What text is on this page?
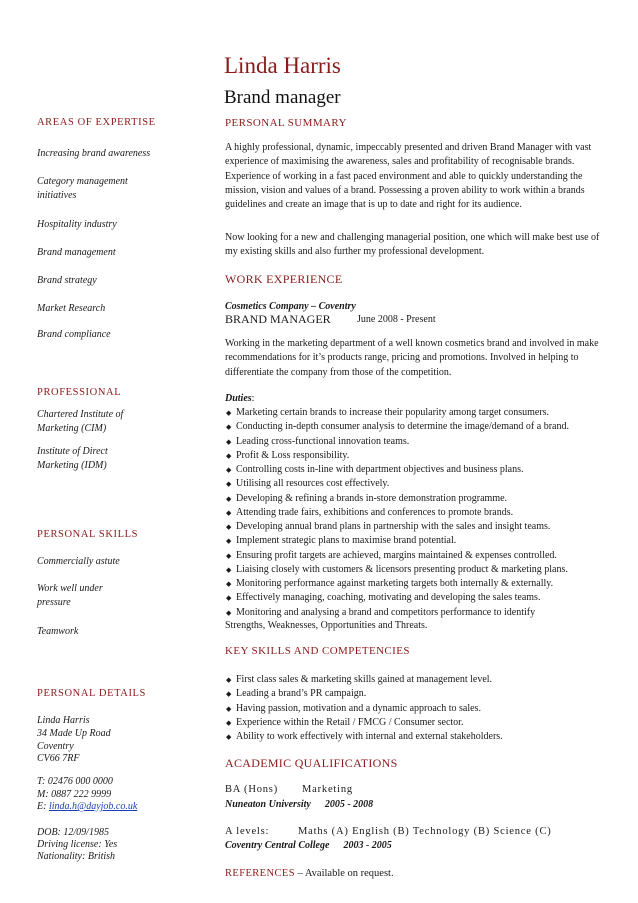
Linda Harris
Brand manager
AREAS OF EXPERTISE
Increasing brand awareness
Category management initiatives
Hospitality industry
Brand management
Brand strategy
Market Research
Brand compliance
PROFESSIONAL
Chartered Institute of Marketing (CIM)
Institute of Direct Marketing (IDM)
PERSONAL SKILLS
Commercially astute
Work well under pressure
Teamwork
PERSONAL DETAILS
Linda Harris
34 Made Up Road
Coventry
CV66 7RF
T: 02476 000 0000
M: 0887 222 9999
E: linda.h@dayjob.co.uk
DOB: 12/09/1985
Driving license: Yes
Nationality: British
PERSONAL SUMMARY
A highly professional, dynamic, impeccably presented and driven Brand Manager with vast experience of maximising the awareness, sales and profitability of recognisable brands. Experience of working in a fast paced environment and able to quickly understanding the mission, vision and values of a brand. Possessing a proven ability to work within a brands guidelines and create an image that is up to date and right for its audience.
Now looking for a new and challenging managerial position, one which will make best use of my existing skills and also further my professional development.
WORK EXPERIENCE
Cosmetics Company – Coventry
BRAND MANAGER	June 2008 - Present
Working in the marketing department of a well known cosmetics brand and involved in make recommendations for it’s products range, pricing and promotions. Involved in helping to differentiate the company from those of the competition.
Duties:
◆ Marketing certain brands to increase their popularity among target consumers.
◆ Conducting in-depth consumer analysis to determine the image/demand of a brand.
◆ Leading cross-functional innovation teams.
◆ Profit & Loss responsibility.
◆ Controlling costs in-line with department objectives and business plans.
◆ Utilising all resources cost effectively.
◆ Developing & refining a brands in-store demonstration programme.
◆ Attending trade fairs, exhibitions and conferences to promote brands.
◆ Developing annual brand plans in partnership with the sales and insight teams.
◆ Implement strategic plans to maximise brand potential.
◆ Ensuring profit targets are achieved, margins maintained & expenses controlled.
◆ Liaising closely with customers & licensors presenting product & marketing plans.
◆ Monitoring performance against marketing targets both internally & externally.
◆ Effectively managing, coaching, motivating and developing the sales teams.
◆ Monitoring and analysing a brand and competitors performance to identify
Strengths, Weaknesses, Opportunities and Threats.
KEY SKILLS AND COMPETENCIES
◆ First class sales & marketing skills gained at management level.
◆ Leading a brand’s PR campaign.
◆ Having passion, motivation and a dynamic approach to sales.
◆ Experience within the Retail / FMCG / Consumer sector.
◆ Ability to work effectively with internal and external stakeholders.
ACADEMIC QUALIFICATIONS
BA (Hons) Marketing
Nuneaton University 2005 - 2008
A levels:	Maths (A) English (B) Technology (B) Science (C)
Coventry Central College 2003 - 2005
REFERENCES – Available on request.
